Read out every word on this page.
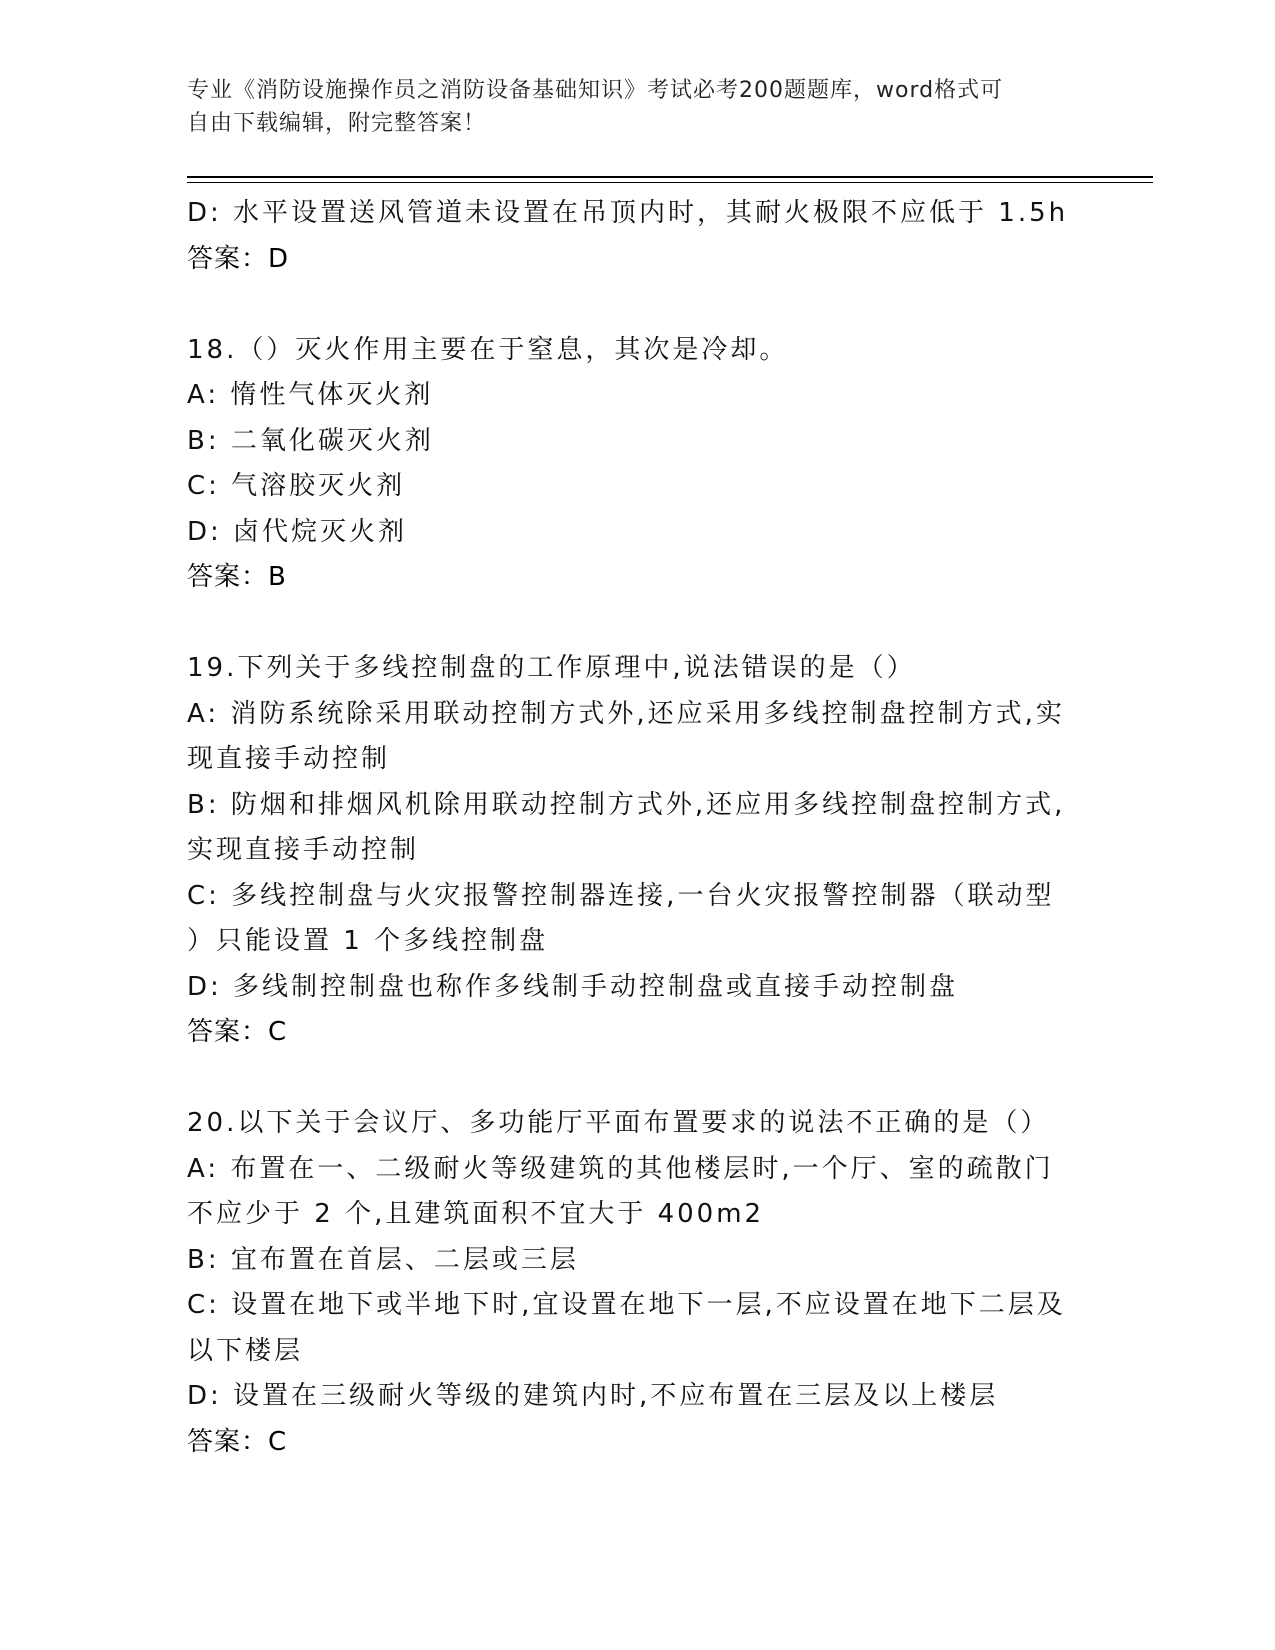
专业《消防设施操作员之消防设备基础知识》考试必考200题题库，word格式可

自由下载编辑，附完整答案！

D: 水平设置送风管道未设置在吊顶内时，其耐火极限不应低于 1.5h

答案：D

18.（）灭火作用主要在于窒息，其次是冷却。

A: 惰性气体灭火剂

B: 二氧化碳灭火剂

C: 气溶胶灭火剂

D: 卤代烷灭火剂

答案：B

19.下列关于多线控制盘的工作原理中,说法错误的是（）

A: 消防系统除采用联动控制方式外,还应采用多线控制盘控制方式,实

现直接手动控制

B: 防烟和排烟风机除用联动控制方式外,还应用多线控制盘控制方式,

实现直接手动控制

C: 多线控制盘与火灾报警控制器连接,一台火灾报警控制器（联动型

）只能设置 1 个多线控制盘

D: 多线制控制盘也称作多线制手动控制盘或直接手动控制盘

答案：C

20.以下关于会议厅、多功能厅平面布置要求的说法不正确的是（）

A: 布置在一、二级耐火等级建筑的其他楼层时,一个厅、室的疏散门

不应少于 2 个,且建筑面积不宜大于 400m2

B: 宜布置在首层、二层或三层

C: 设置在地下或半地下时,宜设置在地下一层,不应设置在地下二层及

以下楼层

D: 设置在三级耐火等级的建筑内时,不应布置在三层及以上楼层

答案：C
